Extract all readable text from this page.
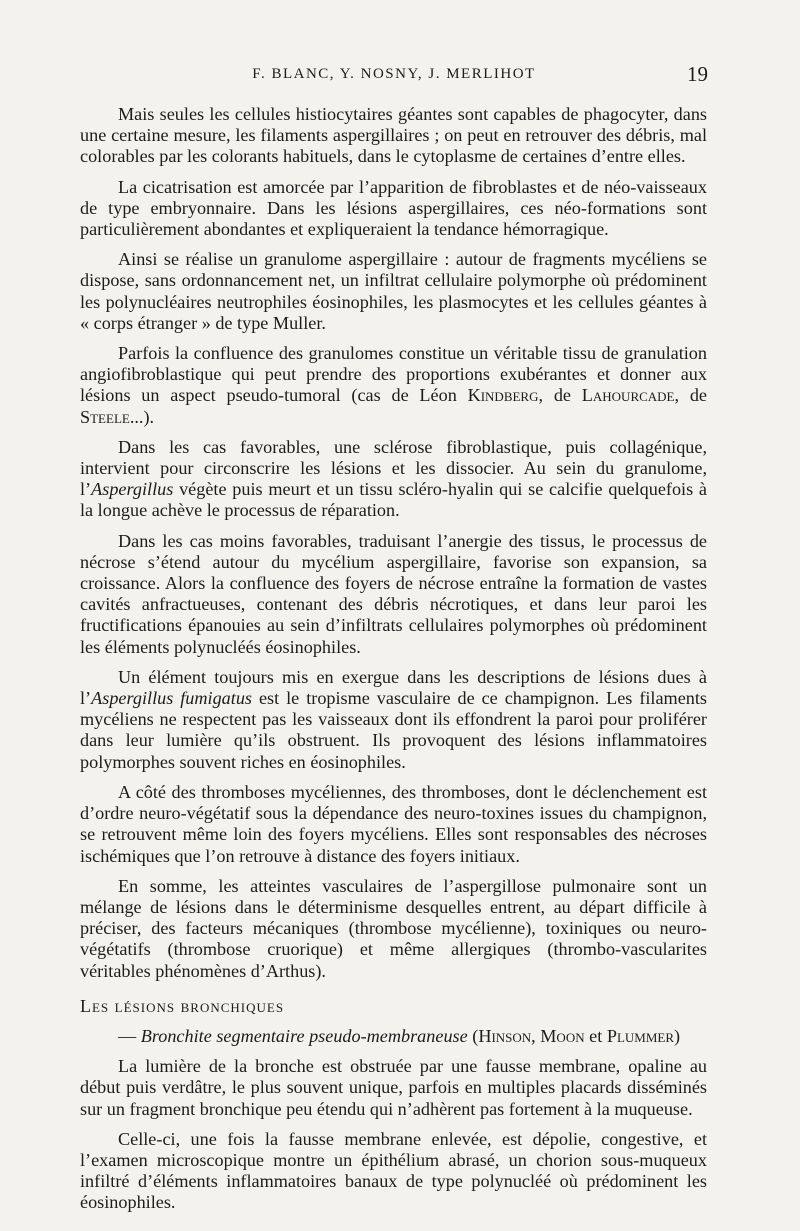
F. BLANC, Y. NOSNY, J. MERLIHOT	19

Mais seules les cellules histiocytaires géantes sont capables de phagocyter, dans une certaine mesure, les filaments aspergillaires ; on peut en retrouver des débris, mal colorables par les colorants habituels, dans le cytoplasme de certaines d’entre elles.

La cicatrisation est amorcée par l’apparition de fibroblastes et de néo-vaisseaux de type embryonnaire. Dans les lésions aspergillaires, ces néo-formations sont particulièrement abondantes et expliqueraient la tendance hémorragique.

Ainsi se réalise un granulome aspergillaire : autour de fragments mycéliens se dispose, sans ordonnancement net, un infiltrat cellulaire polymorphe où prédominent les polynucléaires neutrophiles éosinophiles, les plasmocytes et les cellules géantes à « corps étranger » de type Muller.

Parfois la confluence des granulomes constitue un véritable tissu de granulation angiofibroblastique qui peut prendre des proportions exubérantes et donner aux lésions un aspect pseudo-tumoral (cas de Léon Kindberg, de Lahourcade, de Steele...).

Dans les cas favorables, une sclérose fibroblastique, puis collagénique, intervient pour circonscrire les lésions et les dissocier. Au sein du granulome, l’Aspergillus végète puis meurt et un tissu scléro-hyalin qui se calcifie quelquefois à la longue achève le processus de réparation.

Dans les cas moins favorables, traduisant l’anergie des tissus, le processus de nécrose s’étend autour du mycélium aspergillaire, favorise son expansion, sa croissance. Alors la confluence des foyers de nécrose entraîne la formation de vastes cavités anfractueuses, contenant des débris nécrotiques, et dans leur paroi les fructifications épanouies au sein d’infiltrats cellulaires polymorphes où prédominent les éléments polynucléés éosinophiles.

Un élément toujours mis en exergue dans les descriptions de lésions dues à l’Aspergillus fumigatus est le tropisme vasculaire de ce champignon. Les filaments mycéliens ne respectent pas les vaisseaux dont ils effondrent la paroi pour proliférer dans leur lumière qu’ils obstruent. Ils provoquent des lésions inflammatoires polymorphes souvent riches en éosinophiles.

A côté des thromboses mycéliennes, des thromboses, dont le déclenchement est d’ordre neuro-végétatif sous la dépendance des neuro-toxines issues du champignon, se retrouvent même loin des foyers mycéliens. Elles sont responsables des nécroses ischémiques que l’on retrouve à distance des foyers initiaux.

En somme, les atteintes vasculaires de l’aspergillose pulmonaire sont un mélange de lésions dans le déterminisme desquelles entrent, au départ difficile à préciser, des facteurs mécaniques (thrombose mycélienne), toxiniques ou neuro-végétatifs (thrombose cruorique) et même allergiques (thrombo-vascularites véritables phénomènes d’Arthus).

Les lésions bronchiques

— Bronchite segmentaire pseudo-membraneuse (Hinson, Moon et Plummer)

La lumière de la bronche est obstruée par une fausse membrane, opaline au début puis verdâtre, le plus souvent unique, parfois en multiples placards disséminés sur un fragment bronchique peu étendu qui n’adhèrent pas fortement à la muqueuse.

Celle-ci, une fois la fausse membrane enlevée, est dépolie, congestive, et l’examen microscopique montre un épithélium abrasé, un chorion sous-muqueux infiltré d’éléments inflammatoires banaux de type polynucléé où prédominent les éosinophiles.
